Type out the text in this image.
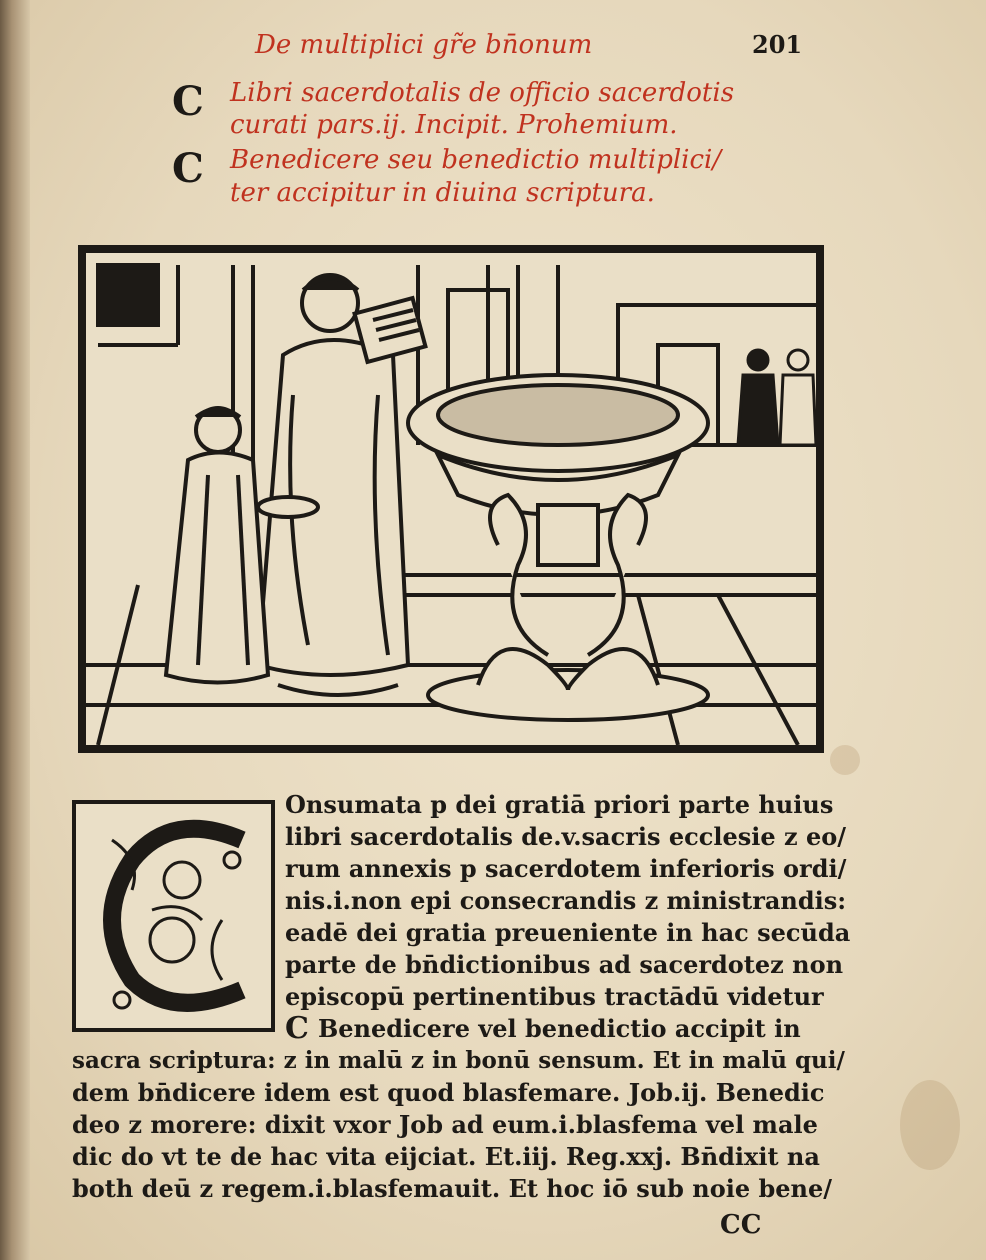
De multiplici gr̃e bn̄onum	201
C Libri sacerdotalis de officio sacerdotis
curati pars.ij. Incipit. Prohemium.
C Benedicere seu benedictio multiplici/
ter accipitur in diuina scriptura.
Onsumata p dei gratiā priori parte huius
libri sacerdotalis de.v.sacris ecclesie z eo/
rum annexis p sacerdotem inferioris ordi/
nis.i.non epi consecrandis z ministrandis:
eadē dei gratia preueniente in hac secūda
parte de bn̄dictionibus ad sacerdotez non
episcopū pertinentibus tractādū videtur
C Benedicere vel benedictio accipit in
sacra scriptura: z in malū z in bonū sensum. Et in malū qui/
dem bn̄dicere idem est quod blasfemare. Job.ij. Benedic
deo z morere: dixit vxor Job ad eum.i.blasfema vel male
dic do vt te de hac vita eijciat. Et.iij. Reg.xxj. Bn̄dixit na
both deū z regem.i.blasfemauit. Et hoc iō sub noie bene/
CC
